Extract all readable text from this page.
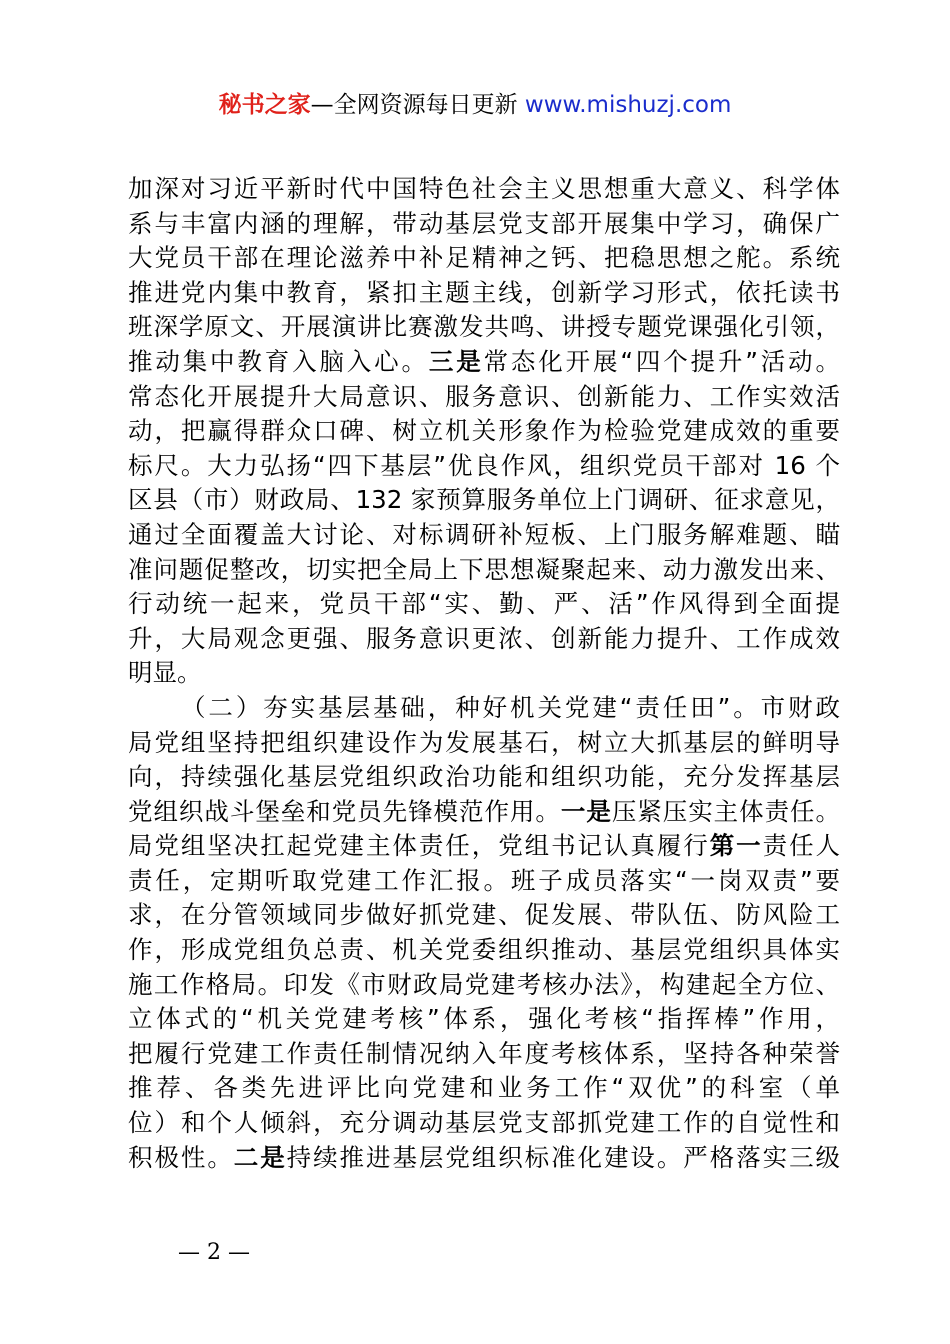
秘书之家—全网资源每日更新 www.mishuzj.com
加深对习近平新时代中国特色社会主义思想重大意义、科学体
系与丰富内涵的理解，带动基层党支部开展集中学习，确保广
大党员干部在理论滋养中补足精神之钙、把稳思想之舵。系统
推进党内集中教育，紧扣主题主线，创新学习形式，依托读书
班深学原文、开展演讲比赛激发共鸣、讲授专题党课强化引领，
推动集中教育入脑入心。三是常态化开展“四个提升”活动。
常态化开展提升大局意识、服务意识、创新能力、工作实效活
动，把赢得群众口碑、树立机关形象作为检验党建成效的重要
标尺。大力弘扬“四下基层”优良作风，组织党员干部对 16 个
区县（市）财政局、132 家预算服务单位上门调研、征求意见，
通过全面覆盖大讨论、对标调研补短板、上门服务解难题、瞄
准问题促整改，切实把全局上下思想凝聚起来、动力激发出来、
行动统一起来，党员干部“实、勤、严、活”作风得到全面提
升，大局观念更强、服务意识更浓、创新能力提升、工作成效
明显。
（二）夯实基层基础，种好机关党建“责任田”。市财政
局党组坚持把组织建设作为发展基石，树立大抓基层的鲜明导
向，持续强化基层党组织政治功能和组织功能，充分发挥基层
党组织战斗堡垒和党员先锋模范作用。一是压紧压实主体责任。
局党组坚决扛起党建主体责任，党组书记认真履行第一责任人
责任，定期听取党建工作汇报。班子成员落实“一岗双责”要
求，在分管领域同步做好抓党建、促发展、带队伍、防风险工
作，形成党组负总责、机关党委组织推动、基层党组织具体实
施工作格局。印发《市财政局党建考核办法》，构建起全方位、
立体式的“机关党建考核”体系，强化考核“指挥棒”作用，
把履行党建工作责任制情况纳入年度考核体系，坚持各种荣誉
推荐、各类先进评比向党建和业务工作“双优”的科室（单
位）和个人倾斜，充分调动基层党支部抓党建工作的自觉性和
积极性。二是持续推进基层党组织标准化建设。严格落实三级
— 2 —
